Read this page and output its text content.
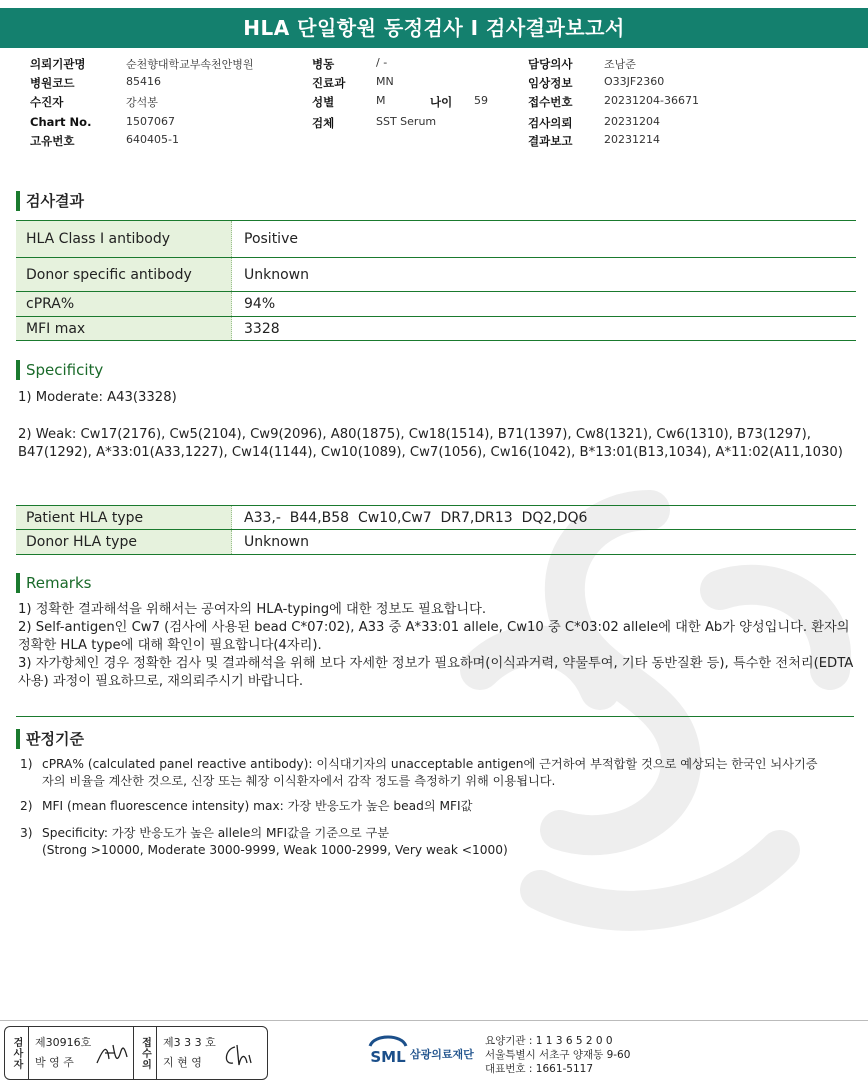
HLA 단일항원 동정검사 I 검사결과보고서
의뢰기관명	순천향대학교부속천안병원	병동	/ -	담당의사	조남준
병원코드	85416	진료과	MN	임상정보	O33JF2360
수진자	강석봉	성별	M	나이 59	접수번호	20231204-36671
Chart No.	1507067	검체	SST Serum	검사의뢰	20231204
고유번호	640405-1	결과보고	20231214
검사결과
HLA Class I antibody	Positive
Donor specific antibody	Unknown
cPRA%	94%
MFI max	3328
Specificity
1) Moderate: A43(3328)
2) Weak: Cw17(2176), Cw5(2104), Cw9(2096), A80(1875), Cw18(1514), B71(1397), Cw8(1321), Cw6(1310), B73(1297), B47(1292), A*33:01(A33,1227), Cw14(1144), Cw10(1089), Cw7(1056), Cw16(1042), B*13:01(B13,1034), A*11:02(A11,1030)
Patient HLA type	A33,-  B44,B58  Cw10,Cw7  DR7,DR13  DQ2,DQ6
Donor HLA type	Unknown
Remarks

1) 정확한 결과해석을 위해서는 공여자의 HLA-typing에 대한 정보도 필요합니다.

2) Self-antigen인 Cw7 (검사에 사용된 bead C*07:02), A33 중 A*33:01 allele, Cw10 중 C*03:02 allele에 대한 Ab가 양성입니다. 환자의 정확한 HLA type에 대해 확인이 필요합니다(4자리).

3) 자가항체인 경우 정확한 검사 및 결과해석을 위해 보다 자세한 정보가 필요하며(이식과거력, 약물투여, 기타 동반질환 등), 특수한 전처리(EDTA 사용) 과정이 필요하므로, 재의뢰주시기 바랍니다.

판정기준
1) cPRA% (calculated panel reactive antibody): 이식대기자의 unacceptable antigen에 근거하여 부적합할 것으로 예상되는 한국인 뇌사기증자의 비율을 계산한 것으로, 신장 또는 췌장 이식환자에서 감작 정도를 측정하기 위해 이용됩니다.
2) MFI (mean fluorescence intensity) max: 가장 반응도가 높은 bead의 MFI값
3) Specificity: 가장 반응도가 높은 allele의 MFI값을 기준으로 구분
(Strong >10000, Moderate 3000-9999, Weak 1000-2999, Very weak <1000)
검사자 제30916호
박 영 주	접수의 제3 3 3 호
지 현 영	SML 삼광의료재단
요양기관 : 1 1 3 6 5 2 0 0
서울특별시 서초구 양재동 9-60
대표번호 : 1661-5117
